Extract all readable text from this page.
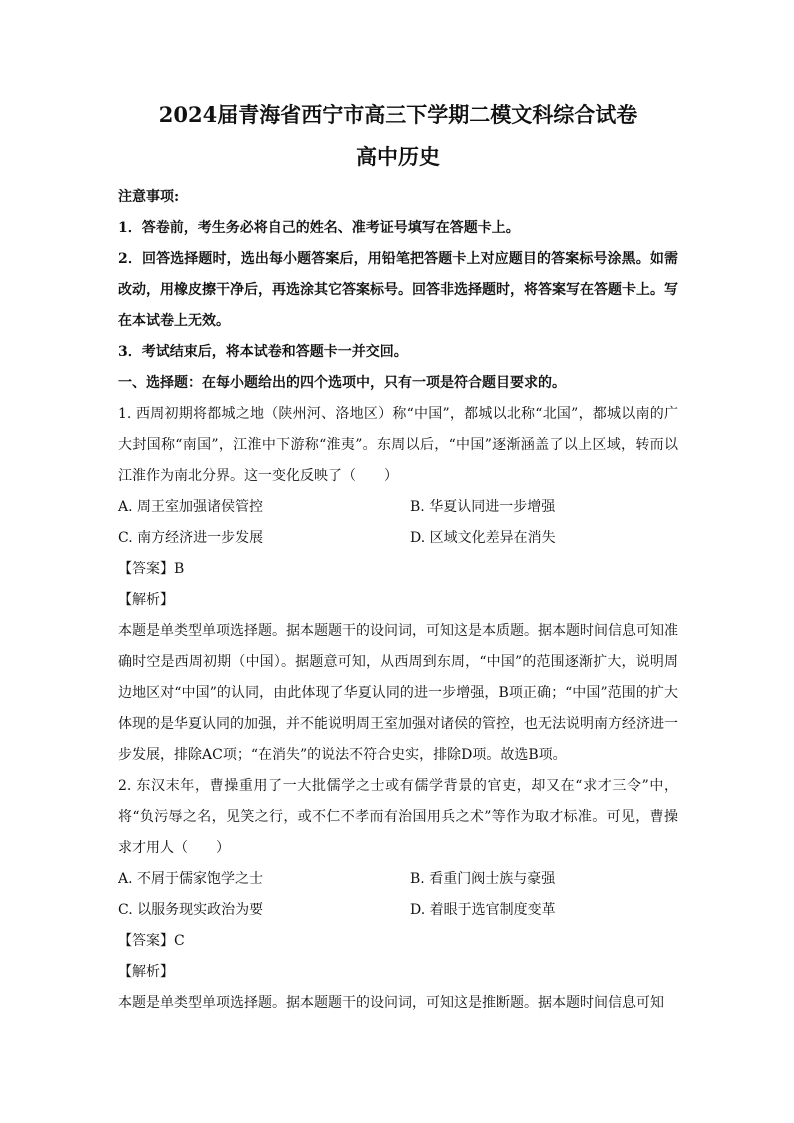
2024届青海省西宁市高三下学期二模文科综合试卷
高中历史

注意事项:

1．答卷前，考生务必将自己的姓名、准考证号填写在答题卡上。

2．回答选择题时，选出每小题答案后，用铅笔把答题卡上对应题目的答案标号涂黑。如需改动，用橡皮擦干净后，再选涂其它答案标号。回答非选择题时，将答案写在答题卡上。写在本试卷上无效。

3．考试结束后，将本试卷和答题卡一并交回。

一、选择题：在每小题给出的四个选项中，只有一项是符合题目要求的。

1. 西周初期将都城之地（陕州河、洛地区）称“中国”，都城以北称“北国”，都城以南的广大封国称“南国”，江淮中下游称“淮夷”。东周以后，“中国”逐渐涵盖了以上区域，转而以江淮作为南北分界。这一变化反映了（　　）

A. 周王室加强诸侯管控	B. 华夏认同进一步增强
C. 南方经济进一步发展	D. 区域文化差异在消失

【答案】B

【解析】

本题是单类型单项选择题。据本题题干的设问词，可知这是本质题。据本题时间信息可知准确时空是西周初期（中国）。据题意可知，从西周到东周，“中国”的范围逐渐扩大，说明周边地区对“中国”的认同，由此体现了华夏认同的进一步增强，B项正确；“中国”范围的扩大体现的是华夏认同的加强，并不能说明周王室加强对诸侯的管控，也无法说明南方经济进一步发展，排除AC项；“在消失”的说法不符合史实，排除D项。故选B项。

2. 东汉末年，曹操重用了一大批儒学之士或有儒学背景的官吏，却又在“求才三令”中，将“负污辱之名，见笑之行，或不仁不孝而有治国用兵之术”等作为取才标准。可见，曹操求才用人（　　）

A. 不屑于儒家饱学之士	B. 看重门阀士族与豪强
C. 以服务现实政治为要	D. 着眼于选官制度变革

【答案】C

【解析】

本题是单类型单项选择题。据本题题干的设问词，可知这是推断题。据本题时间信息可知
